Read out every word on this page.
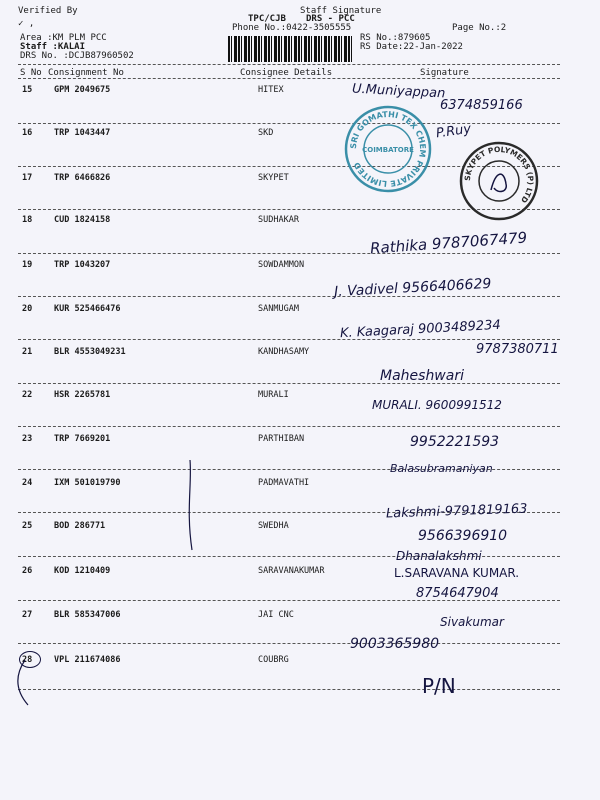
Verified By	Staff Signature
TPC/CJB DRS - PCC
Phone No.:0422-3505555	Page No.:2
Area :KM PLM PCC
Staff :KALAI
DRS No. :DCJB87960502
RS No.:879605
RS Date:22-Jan-2022
✓ ,
S No Consignment No	Consignee Details	Signature
15	GPM 2049675	HITEX
16	TRP 1043447	SKD
17	TRP 6466826	SKYPET
18	CUD 1824158	SUDHAKAR
19	TRP 1043207	SOWDAMMON
20	KUR 525466476	SANMUGAM
21	BLR 4553049231	KANDHASAMY
22	HSR 2265781	MURALI
23	TRP 7669201	PARTHIBAN
24	IXM 501019790	PADMAVATHI
25	BOD 286771	SWEDHA
26	KOD 1210409	SARAVANAKUMAR
27	BLR 585347006	JAI CNC
28	VPL 211674086	COUBRG
SRI GOMATHI TEX CHEM PRIVATE LIMITED
COIMBATORE
SKYPET POLYMERS (P) LTD
U.Muniyappan
6374859166
P.Ruy
Rathika 9787067479
J. Vadivel 9566406629
K. Kaagaraj 9003489234
9787380711
Maheshwari
MURALI. 9600991512
9952221593
Balasubramaniyan
Lakshmi-9791819163
9566396910
Dhanalakshmi
L.SARAVANA KUMAR.
8754647904
Sivakumar
9003365980
P/N
